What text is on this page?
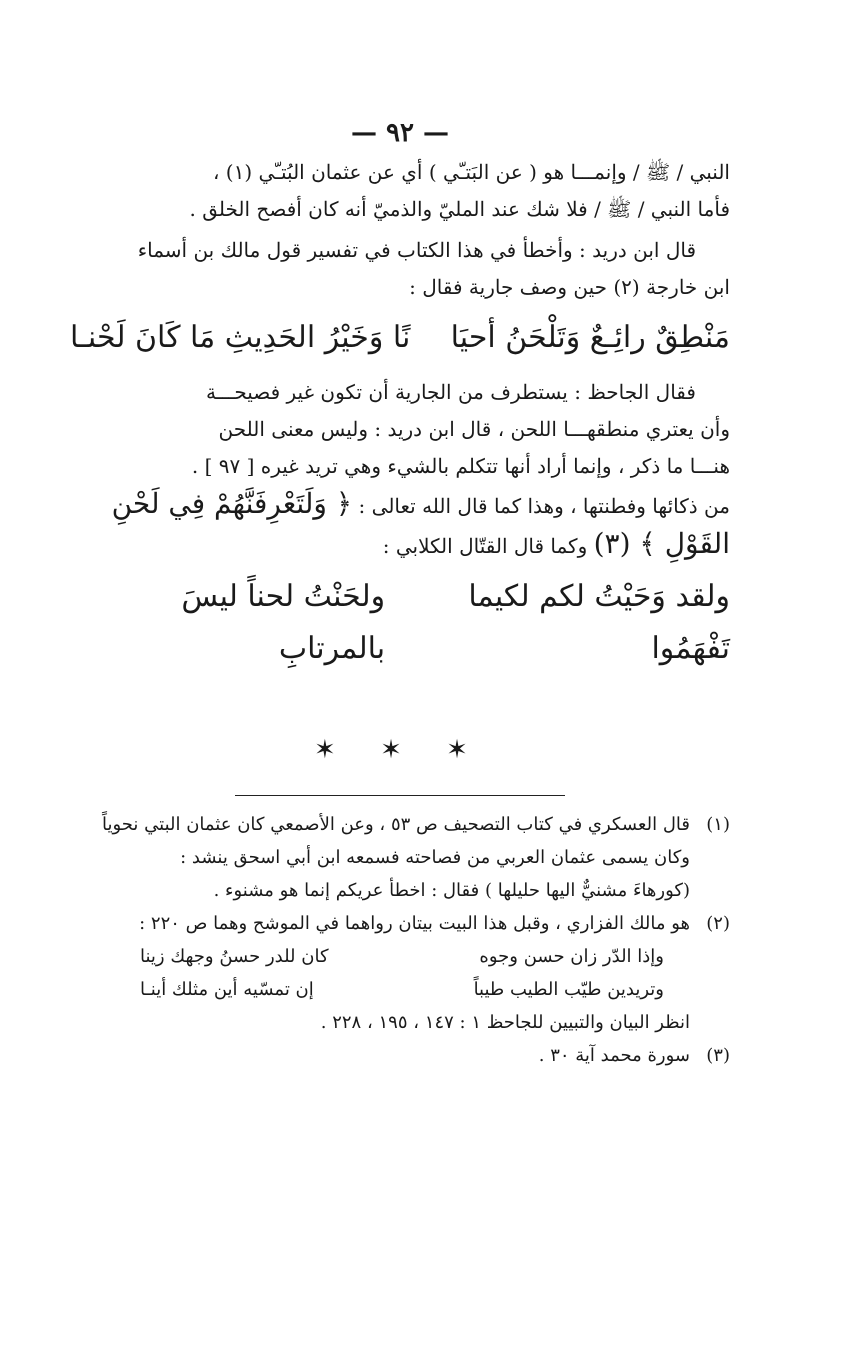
— ٩٢ —

النبي / ﷺ / وإنمـــا هو ( عن البَتـّي ) أي عن عثمان البُتـّي (١) ،
فأما النبي / ﷺ / فلا شك عند المليّ والذميّ أنه كان أفصح الخلق .

قال ابن دريد : وأخطأ في هذا الكتاب في تفسير قول مالك بن أسماء
ابن خارجة (٢) حين وصف جارية فقال :

مَنْطِقٌ رائِـعٌ وَتَلْحَنُ أحيَا
نًا وَخَيْرُ الحَدِيثِ مَا كَانَ لَحْنـا

فقال الجاحظ : يستطرف من الجارية أن تكون غير فصيحـــة
وأن يعتري منطقهـــا اللحن ، قال ابن دريد : وليس معنى اللحن
هنـــا ما ذكر ، وإنما أراد أنها تتكلم بالشيء وهي تريد غيره [ ٩٧ ] .
من ذكائها وفطنتها ، وهذا كما قال الله تعالى : ﴿ وَلَتَعْرِفَنَّهُمْ فِي لَحْنِ
القَوْلِ ﴾ (٣) وكما قال القتّال الكلابي :

ولقد وَحَيْتُ لكم لكيما تَفْهَمُوا
ولحَنْتُ لحناً ليسَ بالمرتابِ
✶ ✶ ✶
(١)
قال العسكري في كتاب التصحيف ص ٥٣ ، وعن الأصمعي كان عثمان البتي نحوياً
وكان يسمى عثمان العربي من فصاحته فسمعه ابن أبي اسحق ينشد :
(كورهاءَ مشنيٌّ اليها حليلها ) فقال : اخطأ عريكم إنما هو مشنوء .
(٢)
هو مالك الفزاري ، وقبل هذا البيت بيتان رواهما في الموشح وهما ص ٢٢٠ :
وإذا الدّر زان حسن وجوه
كان للدر حسنُ وجهك زينا
وتريدين طيّب الطيب طيباً
إن تمسّيه أين مثلك أينـا
انظر البيان والتبيين للجاحظ ١ : ١٤٧ ، ١٩٥ ، ٢٢٨ .
(٣)
سورة محمد آية ٣٠ .
